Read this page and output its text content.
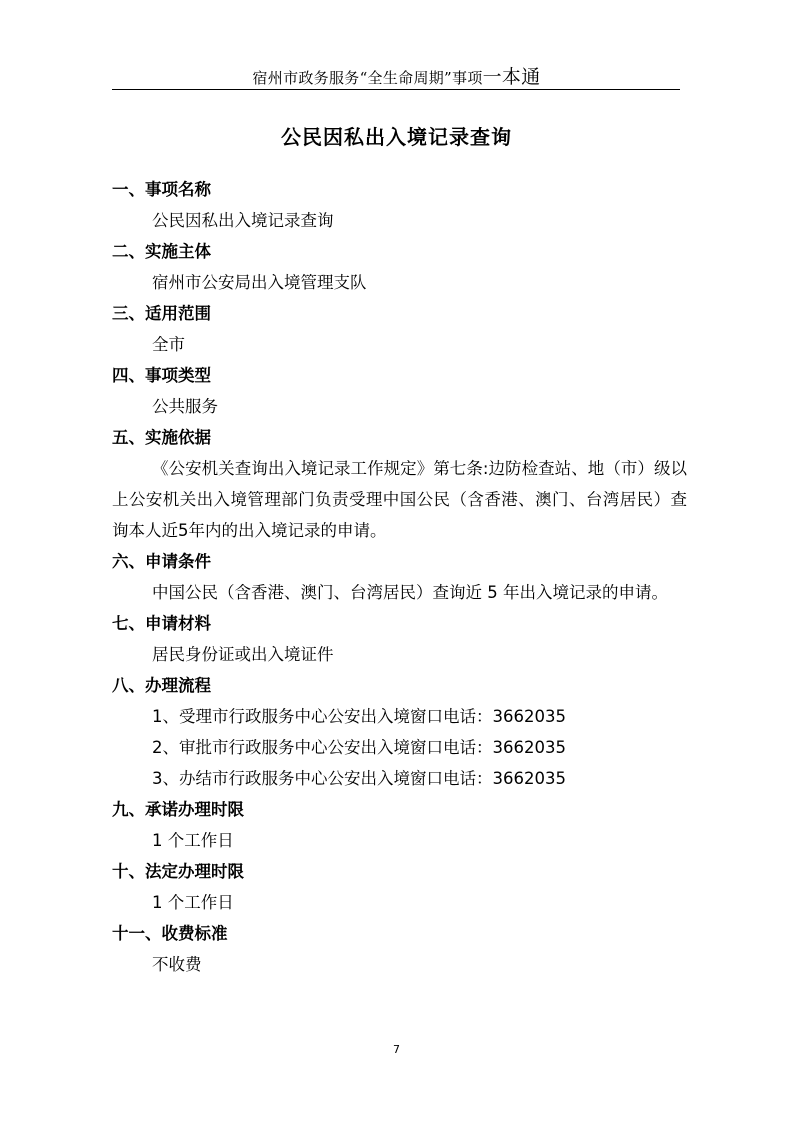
宿州市政务服务“全生命周期”事项一本通
公民因私出入境记录查询
一、事项名称
公民因私出入境记录查询
二、实施主体
宿州市公安局出入境管理支队
三、适用范围
全市
四、事项类型
公共服务
五、实施依据
《公安机关查询出入境记录工作规定》第七条:边防检查站、地（市）级以上公安机关出入境管理部门负责受理中国公民（含香港、澳门、台湾居民）查询本人近5年内的出入境记录的申请。
六、申请条件
中国公民（含香港、澳门、台湾居民）查询近 5 年出入境记录的申请。
七、申请材料
居民身份证或出入境证件
八、办理流程
1、受理市行政服务中心公安出入境窗口电话：3662035
2、审批市行政服务中心公安出入境窗口电话：3662035
3、办结市行政服务中心公安出入境窗口电话：3662035
九、承诺办理时限
1 个工作日
十、法定办理时限
1 个工作日
十一、收费标准
不收费
7
